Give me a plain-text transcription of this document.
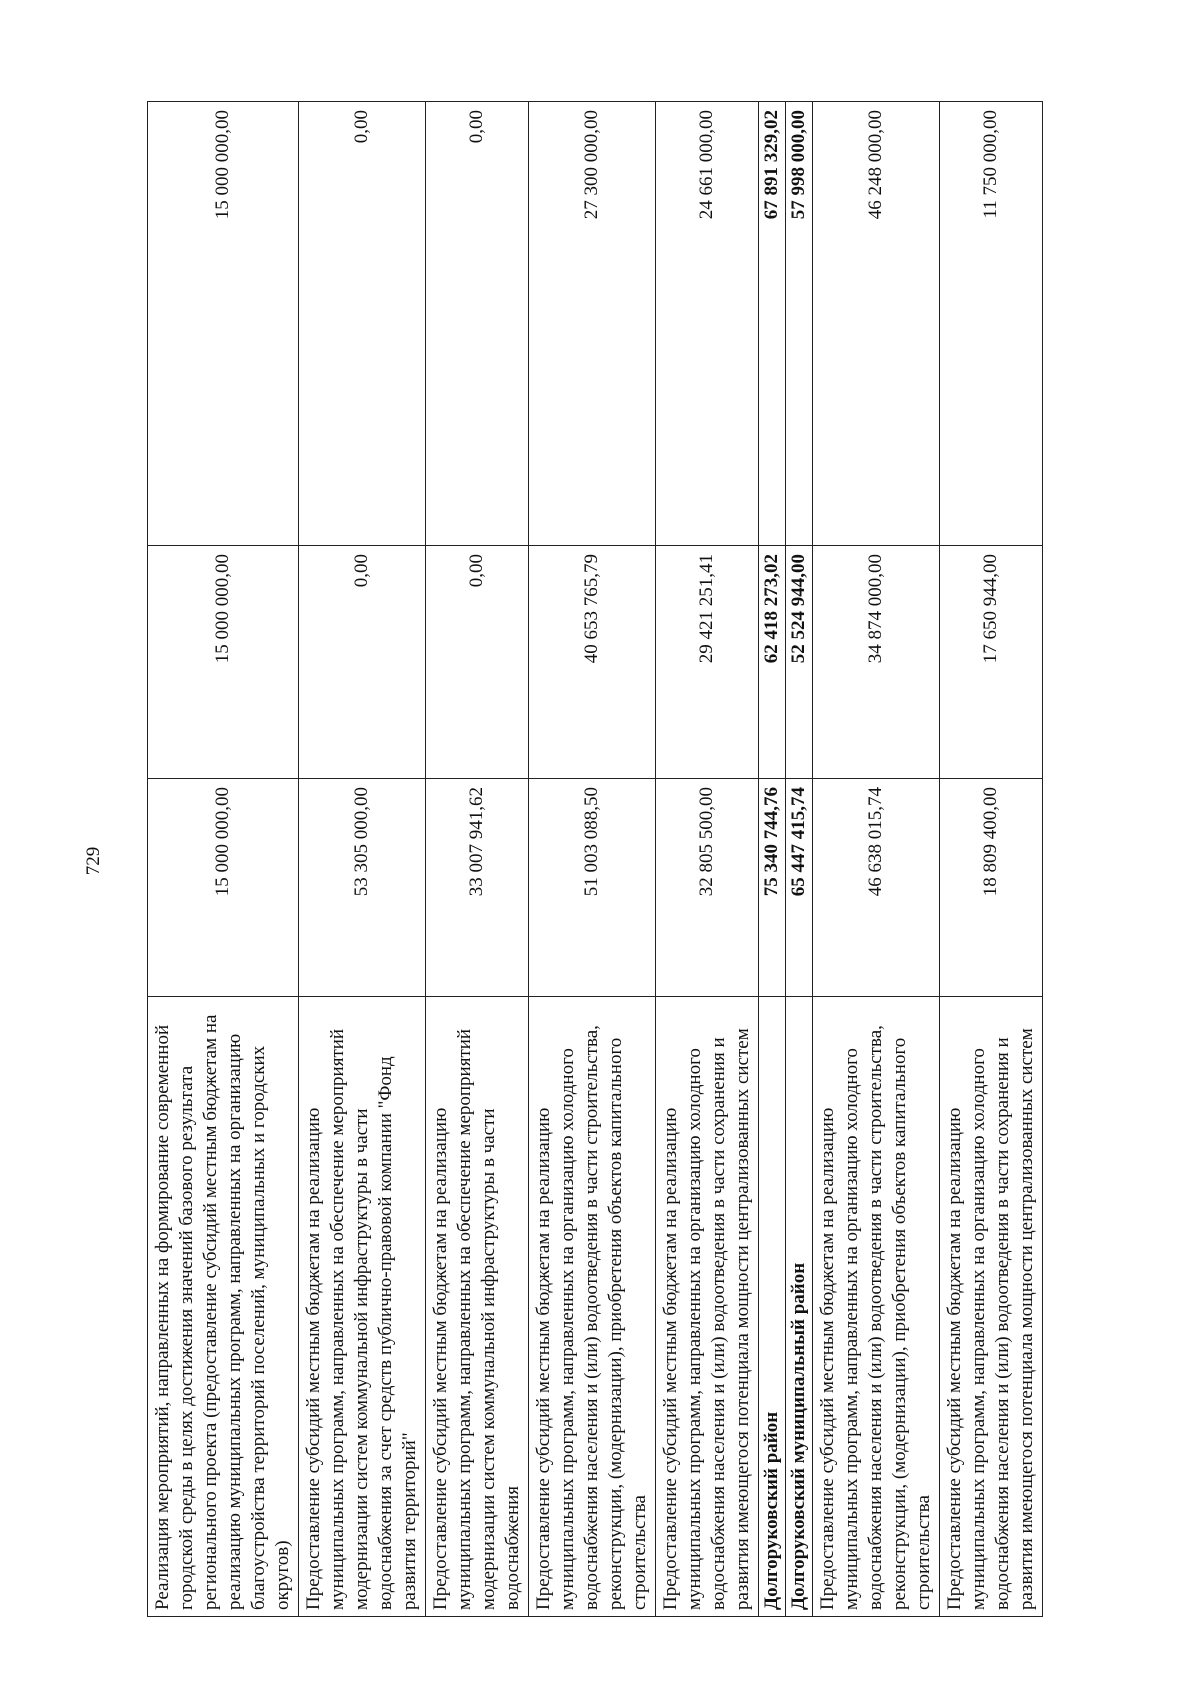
729
Реализация мероприятий, направленных на формирование современной городской среды в целях достижения значений базового результата регионального проекта (предоставление субсидий местным бюджетам на реализацию муниципальных программ, направленных на организацию благоустройства территорий поселений, муниципальных и городских округов)	15 000 000,00	15 000 000,00	15 000 000,00
Предоставление субсидий местным бюджетам на реализацию муниципальных программ, направленных на обеспечение мероприятий модернизации систем коммунальной инфраструктуры в части водоснабжения за счет средств публично-правовой компании "Фонд развития территорий"	53 305 000,00	0,00	0,00
Предоставление субсидий местным бюджетам на реализацию муниципальных программ, направленных на обеспечение мероприятий модернизации систем коммунальной инфраструктуры в части водоснабжения	33 007 941,62	0,00	0,00
Предоставление субсидий местным бюджетам на реализацию муниципальных программ, направленных на организацию холодного водоснабжения населения и (или) водоотведения в части строительства, реконструкции, (модернизации), приобретения объектов капитального строительства	51 003 088,50	40 653 765,79	27 300 000,00
Предоставление субсидий местным бюджетам на реализацию муниципальных программ, направленных на организацию холодного водоснабжения населения и (или) водоотведения в части сохранения и развития имеющегося потенциала мощности централизованных систем	32 805 500,00	29 421 251,41	24 661 000,00
Долгоруковский район	75 340 744,76	62 418 273,02	67 891 329,02
Долгоруковский муниципальный район	65 447 415,74	52 524 944,00	57 998 000,00
Предоставление субсидий местным бюджетам на реализацию муниципальных программ, направленных на организацию холодного водоснабжения населения и (или) водоотведения в части строительства, реконструкции, (модернизации), приобретения объектов капитального строительства	46 638 015,74	34 874 000,00	46 248 000,00
Предоставление субсидий местным бюджетам на реализацию муниципальных программ, направленных на организацию холодного водоснабжения населения и (или) водоотведения в части сохранения и развития имеющегося потенциала мощности централизованных систем	18 809 400,00	17 650 944,00	11 750 000,00
